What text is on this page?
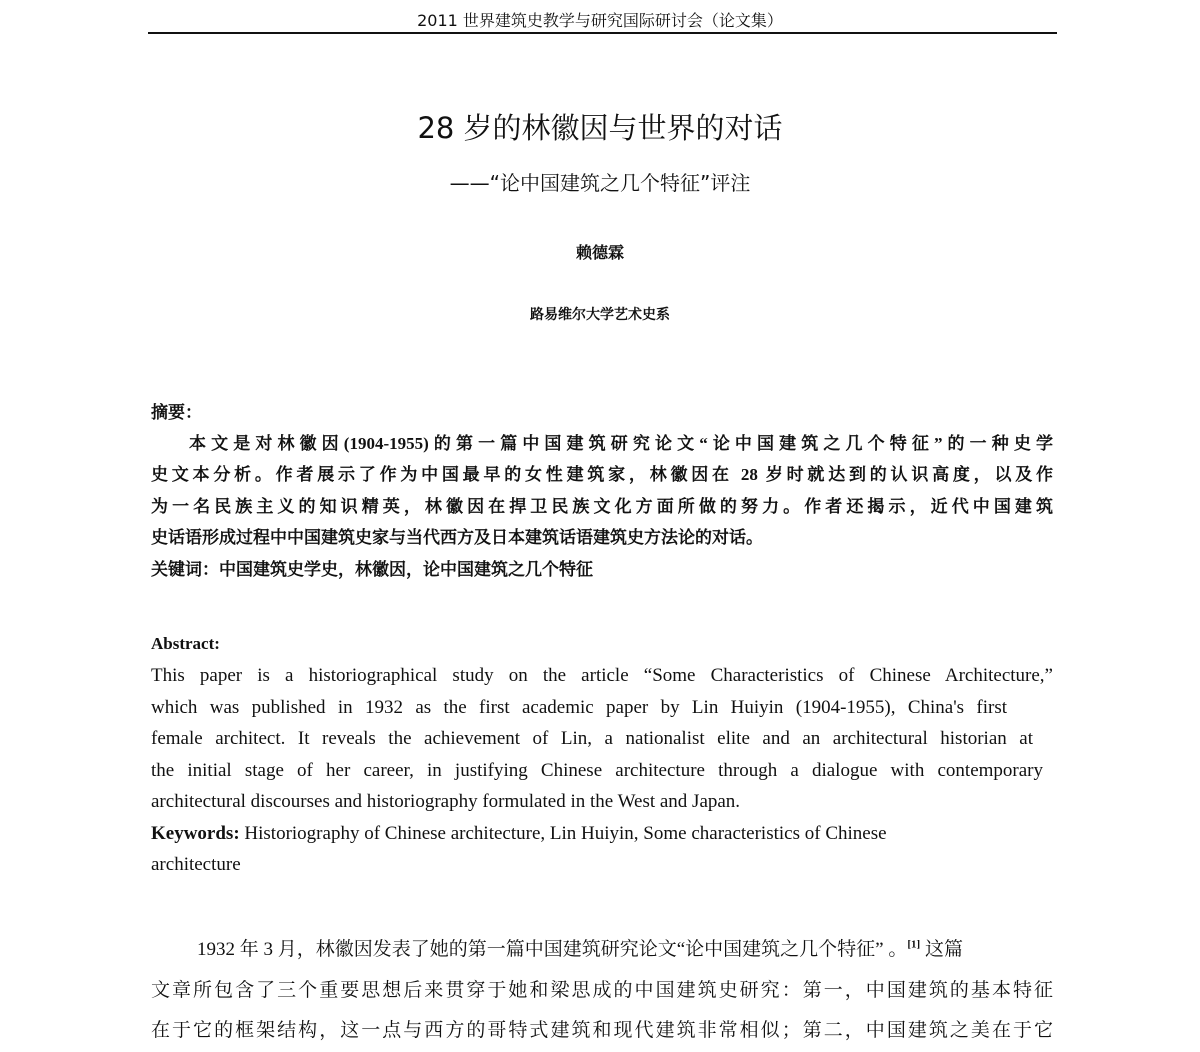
2011 世界建筑史教学与研究国际研讨会（论文集）
28 岁的林徽因与世界的对话
——“论中国建筑之几个特征”评注
赖德霖
路易维尔大学艺术史系
摘要：
本文是对林徽因(1904-1955)的第一篇中国建筑研究论文“论中国建筑之几个特征”的一种史学
史文本分析。作者展示了作为中国最早的女性建筑家，林徽因在 28 岁时就达到的认识高度，以及作
为一名民族主义的知识精英，林徽因在捍卫民族文化方面所做的努力。作者还揭示，近代中国建筑
史话语形成过程中中国建筑史家与当代西方及日本建筑话语建筑史方法论的对话。
关键词：中国建筑史学史，林徽因，论中国建筑之几个特征
Abstract:
This paper is a historiographical study on the article “Some Characteristics of Chinese Architecture,”
which was published in 1932 as the first academic paper by Lin Huiyin (1904-1955), China's first
female architect. It reveals the achievement of Lin, a nationalist elite and an architectural historian at
the initial stage of her career, in justifying Chinese architecture through a dialogue with contemporary
architectural discourses and historiography formulated in the West and Japan.
Keywords: Historiography of Chinese architecture, Lin Huiyin, Some characteristics of Chinese
architecture
1932 年 3 月，林徽因发表了她的第一篇中国建筑研究论文“论中国建筑之几个特征” 。[1] 这篇
文章所包含了三个重要思想后来贯穿于她和梁思成的中国建筑史研究：第一，中国建筑的基本特征
在于它的框架结构，这一点与西方的哥特式建筑和现代建筑非常相似；第二，中国建筑之美在于它
